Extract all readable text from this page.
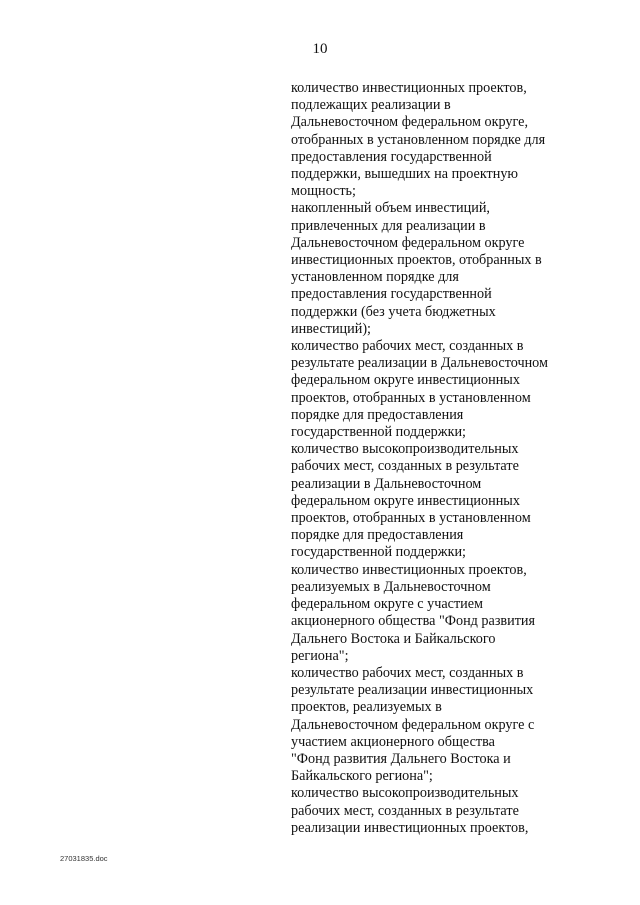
10
количество инвестиционных проектов,
подлежащих реализации в
Дальневосточном федеральном округе,
отобранных в установленном порядке для
предоставления государственной
поддержки, вышедших на проектную
мощность;
накопленный объем инвестиций,
привлеченных для реализации в
Дальневосточном федеральном округе
инвестиционных проектов, отобранных в
установленном порядке для
предоставления государственной
поддержки (без учета бюджетных
инвестиций);
количество рабочих мест, созданных в
результате реализации в Дальневосточном
федеральном округе инвестиционных
проектов, отобранных в установленном
порядке для предоставления
государственной поддержки;
количество высокопроизводительных
рабочих мест, созданных в результате
реализации в Дальневосточном
федеральном округе инвестиционных
проектов, отобранных в установленном
порядке для предоставления
государственной поддержки;
количество инвестиционных проектов,
реализуемых в Дальневосточном
федеральном округе с участием
акционерного общества "Фонд развития
Дальнего Востока и Байкальского
региона";
количество рабочих мест, созданных в
результате реализации инвестиционных
проектов, реализуемых в
Дальневосточном федеральном округе с
участием акционерного общества
"Фонд развития Дальнего Востока и
Байкальского региона";
количество высокопроизводительных
рабочих мест, созданных в результате
реализации инвестиционных проектов,
27031835.doc
